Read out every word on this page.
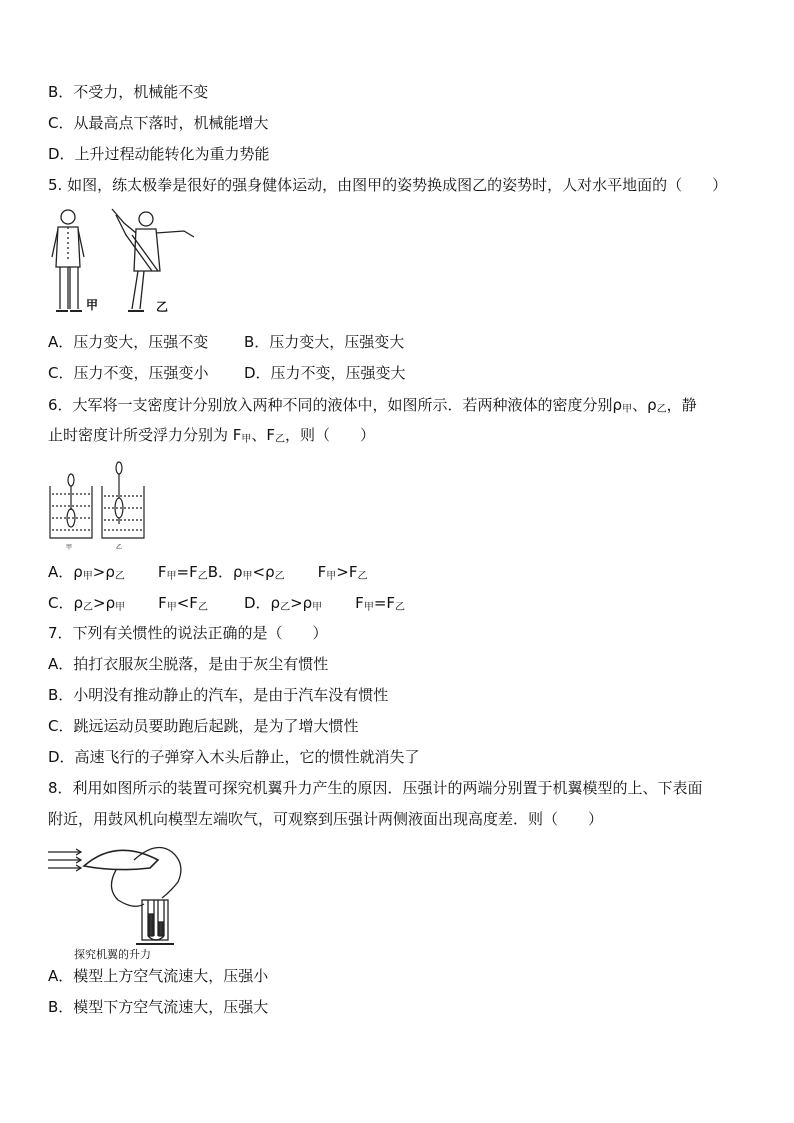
B．不受力，机械能不变
C．从最高点下落时，机械能增大
D．上升过程动能转化为重力势能
5. 如图，练太极拳是很好的强身健体运动，由图甲的姿势换成图乙的姿势时，人对水平地面的（　　）
甲	乙
A．压力变大，压强不变 B．压力变大，压强变大
C．压力不变，压强变小 D．压力不变，压强变大
6．大军将一支密度计分别放入两种不同的液体中，如图所示．若两种液体的密度分别$\rho_甲$、$\rho_乙$，静
止时密度计所受浮力分别为 $F_甲$、$F_乙$，则（　　）
甲	乙
A．$\rho_甲>\rho_乙$　$F_甲=F_乙B$．$\rho_甲<\rho_乙$　$F_甲>F_乙$
C．$\rho_乙>\rho_甲$　$F_甲<F_乙$ D．$\rho_乙>\rho_甲$　$F_甲=F_乙$
7．下列有关惯性的说法正确的是（　　）
A．拍打衣服灰尘脱落，是由于灰尘有惯性
B．小明没有推动静止的汽车，是由于汽车没有惯性
C．跳远运动员要助跑后起跳，是为了增大惯性
D．高速飞行的子弹穿入木头后静止，它的惯性就消失了
8．利用如图所示的装置可探究机翼升力产生的原因．压强计的两端分别置于机翼模型的上、下表面
附近，用鼓风机向模型左端吹气，可观察到压强计两侧液面出现高度差．则（　　）
探究机翼的升力
A．模型上方空气流速大，压强小
B．模型下方空气流速大，压强大
